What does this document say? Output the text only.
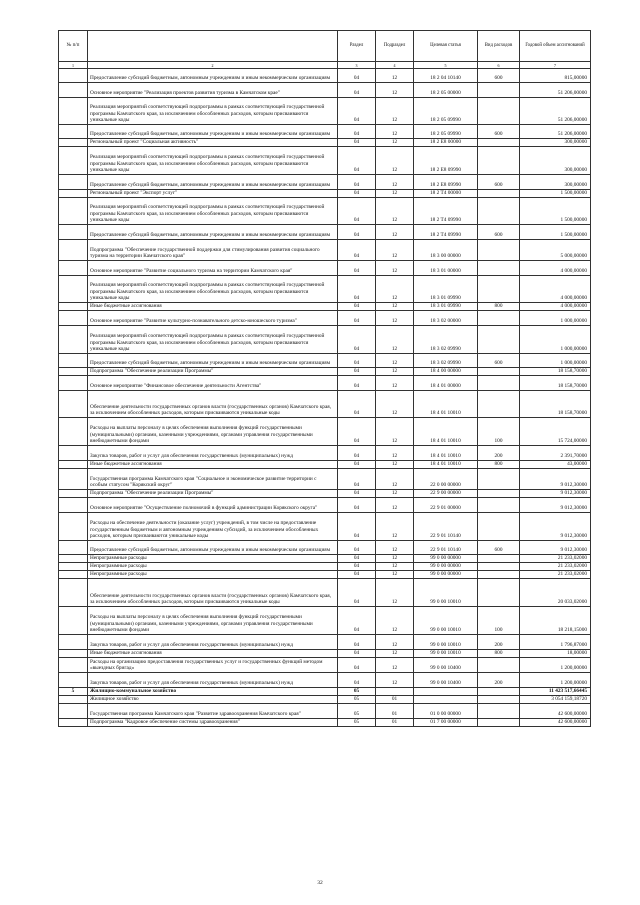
№ п/п		Раздел	Подраздел	Целевая статья	Вид расходов	Годовой объем ассигнований
1	2	3	4	5	6	7
	Предоставление субсидий бюджетным, автономным учреждениям и иным некоммерческим организациям	04	12	18 2 04 10140	600	815,00000
	Основное мероприятие "Реализация проектов развития туризма в Камчатском крае"	04	12	18 2 05 00000		51 206,00000
	Реализация мероприятий соответствующей подпрограммы в рамках соответствующей государственной программы Камчатского края, за исключением обособленных расходов, которым присваиваются уникальные коды	04	12	18 2 05 09990		51 206,00000
	Предоставление субсидий бюджетным, автономным учреждениям и иным некоммерческим организациям	04	12	18 2 05 09990	600	51 206,00000
	Региональный проект "Социальная активность"	04	12	18 2 E8 00000		300,00000
	Реализация мероприятий соответствующей подпрограммы в рамках соответствующей государственной программы Камчатского края, за исключением обособленных расходов, которым присваиваются уникальные коды	04	12	18 2 E8 09990		300,00000
	Предоставление субсидий бюджетным, автономным учреждениям и иным некоммерческим организациям	04	12	18 2 E8 09990	600	300,00000
	Региональный проект "Экспорт услуг"	04	12	18 2 T4 00000		1 500,00000
	Реализация мероприятий соответствующей подпрограммы в рамках соответствующей государственной программы Камчатского края, за исключением обособленных расходов, которым присваиваются уникальные коды	04	12	18 2 T4 09990		1 500,00000
	Предоставление субсидий бюджетным, автономным учреждениям и иным некоммерческим организациям	04	12	18 2 T4 09990	600	1 500,00000
	Подпрограмма "Обеспечение государственной поддержки для стимулирования развития социального туризма на территории Камчатского края"	04	12	18 3 00 00000		5 000,00000
	Основное мероприятие "Развитие социального туризма на территории Камчатского края"	04	12	18 3 01 00000		4 000,00000
	Реализация мероприятий соответствующей подпрограммы в рамках соответствующей государственной программы Камчатского края, за исключением обособленных расходов, которым присваиваются уникальные коды	04	12	18 3 01 09990		4 000,00000
	Иные бюджетные ассигнования	04	12	18 3 01 09990	800	4 000,00000
	Основное мероприятие "Развитие культурно-познавательного детско-юношеского туризма"	04	12	18 3 02 00000		1 000,00000
	Реализация мероприятий соответствующей подпрограммы в рамках соответствующей государственной программы Камчатского края, за исключением обособленных расходов, которым присваиваются уникальные коды	04	12	18 3 02 09990		1 000,00000
	Предоставление субсидий бюджетным, автономным учреждениям и иным некоммерческим организациям	04	12	18 3 02 09990	600	1 000,00000
	Подпрограмма "Обеспечение реализации Программы"	04	12	18 4 00 00000		18 158,70000
	Основное мероприятие "Финансовое обеспечение деятельности Агентства"	04	12	18 4 01 00000		18 158,70000
	Обеспечение деятельности государственных органов власти (государственных органов) Камчатского края, за исключением обособленных расходов, которым присваиваются уникальные коды	04	12	18 4 01 10010		18 158,70000
	Расходы на выплаты персоналу в целях обеспечения выполнения функций государственными (муниципальными) органами, казенными учреждениями, органами управления государственными внебюджетными фондами	04	12	18 4 01 10010	100	15 724,00000
	Закупка товаров, работ и услуг для обеспечения государственных (муниципальных) нужд	04	12	18 4 01 10010	200	2 391,70000
	Иные бюджетные ассигнования	04	12	18 4 01 10010	800	43,00000
	Государственная программа Камчатского края "Социальное и экономическое развитие территории с особым статусом "Корякский округ"	04	12	22 0 00 00000		9 012,30000
	Подпрограмма "Обеспечение реализации Программы"	04	12	22 9 00 00000		9 012,30000
	Основное мероприятие "Осуществление полномочий в функций администрации Корякского округа"	04	12	22 9 01 00000		9 012,30000
	Расходы на обеспечение деятельности (оказание услуг) учреждений, в том числе на предоставление государственным бюджетным и автономным учреждениям субсидий, за исключением обособленных расходов, которым присваиваются уникальные коды	04	12	22 9 01 10140		9 012,30000
	Предоставление субсидий бюджетным, автономным учреждениям и иным некоммерческим организациям	04	12	22 9 01 10140	600	9 012,30000
	Непрограммные расходы	04	12	99 0 00 00000		21 233,02000
	Непрограммные расходы	04	12	99 0 00 00000		21 233,02000
	Непрограммные расходы	04	12	99 0 00 00000		21 233,02000
	Обеспечение деятельности государственных органов власти (государственных органов) Камчатского края, за исключением обособленных расходов, которым присваиваются уникальные коды	04	12	99 0 00 10010		20 033,02000
	Расходы на выплаты персоналу в целях обеспечения выполнения функций государственными (муниципальными) органами, казенными учреждениями, органами управления государственными внебюджетными фондами	04	12	99 0 00 10010	100	18 218,15000
	Закупка товаров, работ и услуг для обеспечения государственных (муниципальных) нужд	04	12	99 0 00 10010	200	1 796,87000
	Иные бюджетные ассигнования	04	12	99 0 00 10010	800	18,00000
	Расходы на организацию предоставления государственных услуг и государственных функций методом «выездных бригад»	04	12	99 0 00 10400		1 200,00000
	Закупка товаров, работ и услуг для обеспечения государственных (муниципальных) нужд	04	12	99 0 00 10400	200	1 200,00000
5	Жилищно-коммунальное хозяйство	05				11 423 517,66445
	Жилищное хозяйство	05	01			3 054 159,18720
	Государственная программа Камчатского края "Развитие здравоохранения Камчатского края"	05	01	01 0 00 00000		42 600,00000
	Подпрограмма "Кадровое обеспечение системы здравоохранения"	05	01	01 7 00 00000		42 600,00000
32
